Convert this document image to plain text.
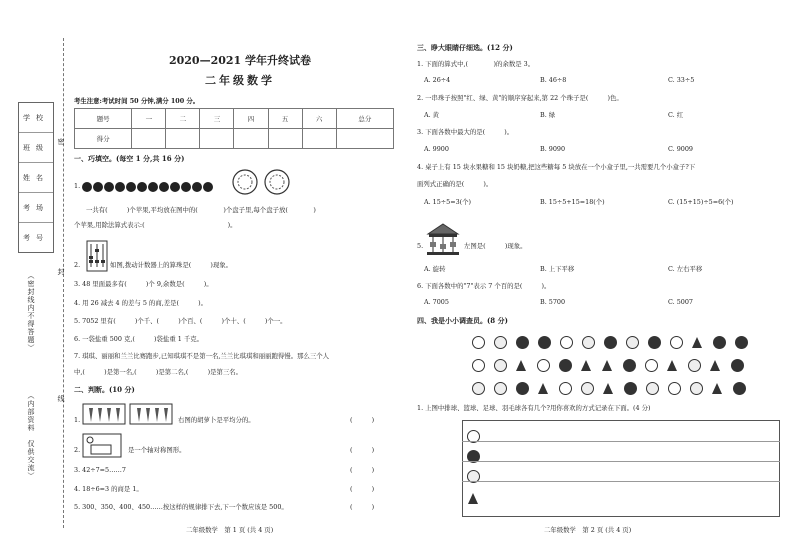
学校
班级
姓名
考场
考号
密
封
线
（密封线内不得答题）
（内部资料　仅供交流）
2020—2021 学年升终试卷
二年级数学
考生注意:考试时间 50 分钟,满分 100 分。
题号	一	二	三	四	五	六	总分
得分							
一、巧填空。(每空 1 分,共 16 分)
1.
一共有(　　　)个苹果,平均放在图中的(　　　　)个盘子里,每个盘子放(　　　　)
个苹果,用除法算式表示:(　　　　　　　　　　　　　)。
2.	如图,拨动计数器上的算珠是(　　　)现象。
3. 48 里面最多有(　　　)个 9,余数是(　　　)。
4. 用 26 减去 4 的差与 5 的商,差是(　　　)。
5. 7052 里有(　　　)个千、(　　　)个百、(　　　)个十、(　　　)个一。
6. 一袋盐重 500 克,(　　　)袋盐重 1 千克。
7. 琪琪、丽丽和兰兰比赛跑步,已知琪琪不是第一名,兰兰比琪琪和丽丽跑得慢。那么三个人
中,(　　　)是第一名,(　　　)是第二名,(　　　)是第三名。
二、判断。(10 分)
1.	右图的胡萝卜是平均分的。	(　　　)
2.	是一个轴对称图形。	(　　　)
3. 42÷7=5……7	(　　　)
4. 18÷6=3 的商是 1。	(　　　)
5. 300、350、400、450……按这样的规律排下去,下一个数应该是 500。	(　　　)
二年级数学　第 1 页 (共 4 页)
三、睁大眼睛仔细选。(12 分)
1. 下面的算式中,(　　　　)的余数是 3。
A. 26÷4	B. 46÷8	C. 33÷5
2. 一串珠子按照"红、绿、黄"的顺序穿起来,第 22 个珠子是(　　　)色。
A. 黄	B. 绿	C. 红
3. 下面各数中最大的是(　　　)。
A. 9900	B. 9090	C. 9009
4. 桌子上有 15 块水果糖和 15 块奶糖,把这些糖每 5 块放在一个小盒子里,一共需要几个小盒子?下
面列式正确的是(　　　)。
A. 15÷5=3(个)	B. 15÷5+15=18(个)	C. (15+15)÷5=6(个)
5.	左图是(　　　)现象。
A. 旋转	B. 上下平移	C. 左右平移
6. 下面各数中的"7"表示 7 个百的是(　　　)。
A. 7005	B. 5700	C. 5007
四、我是小小调查员。(8 分)
1. 上图中排球、篮球、足球、羽毛球各有几个?用你喜欢的方式记录在下面。(4 分)
二年级数学　第 2 页 (共 4 页)
